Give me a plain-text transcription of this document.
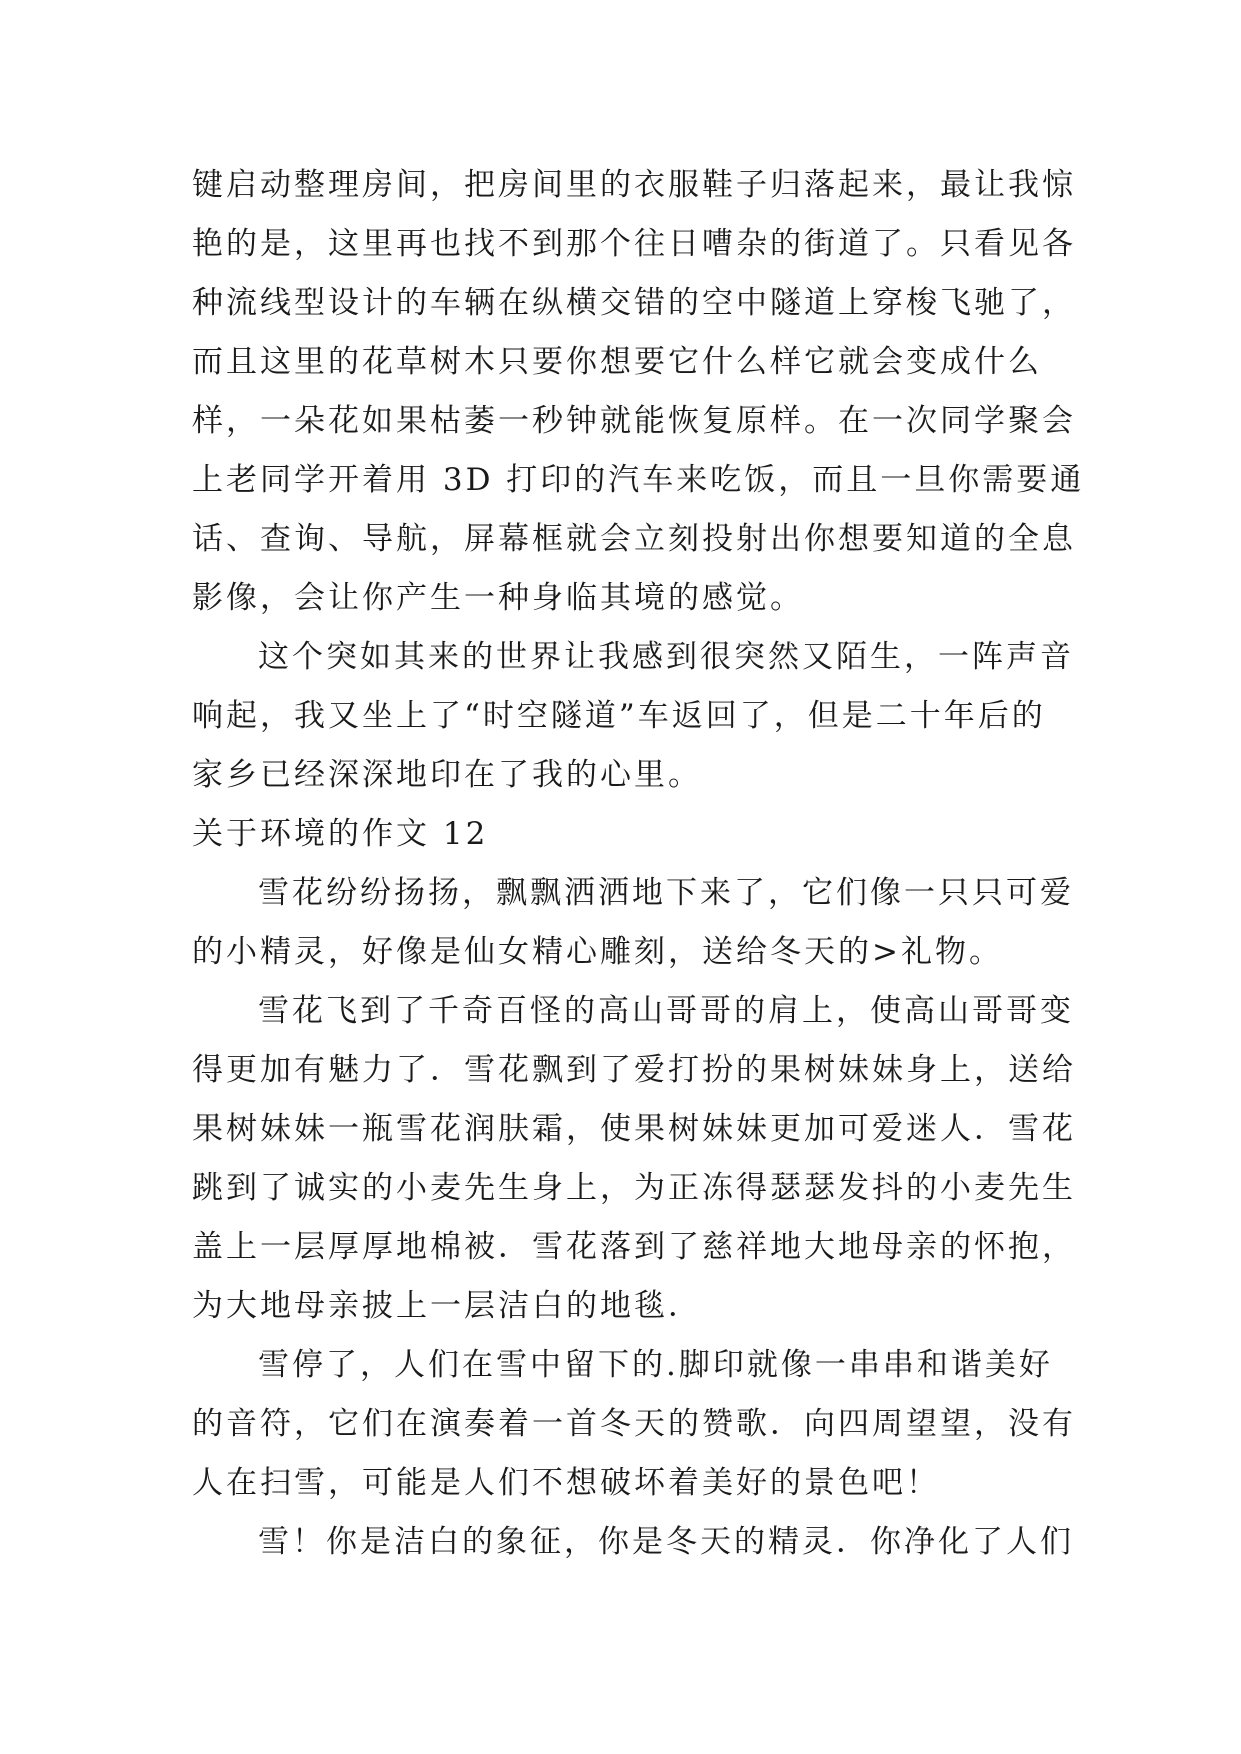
键启动整理房间，把房间里的衣服鞋子归落起来，最让我惊
艳的是，这里再也找不到那个往日嘈杂的街道了。只看见各
种流线型设计的车辆在纵横交错的空中隧道上穿梭飞驰了，
而且这里的花草树木只要你想要它什么样它就会变成什么
样，一朵花如果枯萎一秒钟就能恢复原样。在一次同学聚会
上老同学开着用 3D 打印的汽车来吃饭，而且一旦你需要通
话、查询、导航，屏幕框就会立刻投射出你想要知道的全息
影像，会让你产生一种身临其境的感觉。
这个突如其来的世界让我感到很突然又陌生，一阵声音
响起，我又坐上了“时空隧道”车返回了，但是二十年后的
家乡已经深深地印在了我的心里。
关于环境的作文 12
雪花纷纷扬扬，飘飘洒洒地下来了，它们像一只只可爱
的小精灵，好像是仙女精心雕刻，送给冬天的>礼物。
雪花飞到了千奇百怪的高山哥哥的肩上，使高山哥哥变
得更加有魅力了．雪花飘到了爱打扮的果树妹妹身上，送给
果树妹妹一瓶雪花润肤霜，使果树妹妹更加可爱迷人．雪花
跳到了诚实的小麦先生身上，为正冻得瑟瑟发抖的小麦先生
盖上一层厚厚地棉被．雪花落到了慈祥地大地母亲的怀抱，
为大地母亲披上一层洁白的地毯．
雪停了，人们在雪中留下的.脚印就像一串串和谐美好
的音符，它们在演奏着一首冬天的赞歌．向四周望望，没有
人在扫雪，可能是人们不想破坏着美好的景色吧！
雪！你是洁白的象征，你是冬天的精灵．你净化了人们
